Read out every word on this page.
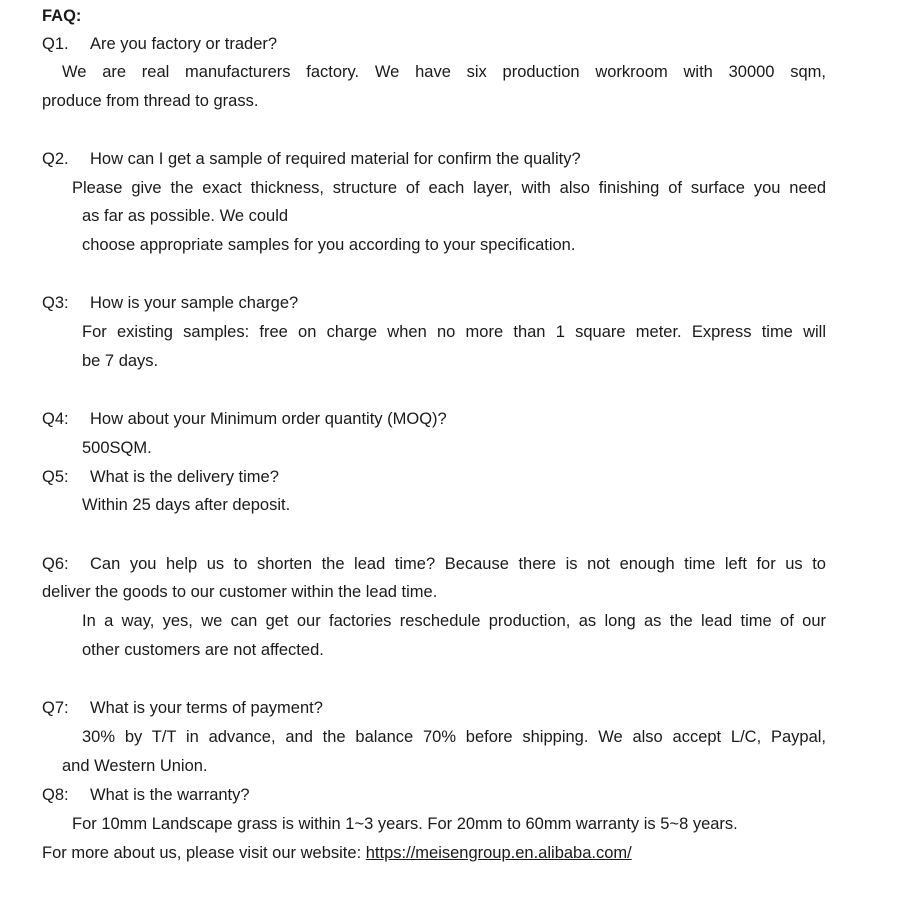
FAQ:
Q1. Are you factory or trader?
We are real manufacturers factory. We have six production workroom with 30000 sqm,
produce from thread to grass.
Q2. How can I get a sample of required material for confirm the quality?
Please give the exact thickness, structure of each layer, with also finishing of surface you need
as far as possible. We could
choose appropriate samples for you according to your specification.
Q3: How is your sample charge?
For existing samples: free on charge when no more than 1 square meter. Express time will
be 7 days.
Q4: How about your Minimum order quantity (MOQ)?
500SQM.
Q5: What is the delivery time?
Within 25 days after deposit.
Q6: Can you help us to shorten the lead time? Because there is not enough time left for us to
deliver the goods to our customer within the lead time.
In a way, yes, we can get our factories reschedule production, as long as the lead time of our
other customers are not affected.
Q7: What is your terms of payment?
30% by T/T in advance, and the balance 70% before shipping. We also accept L/C, Paypal,
and Western Union.
Q8: What is the warranty?
For 10mm Landscape grass is within 1~3 years. For 20mm to 60mm warranty is 5~8 years.
For more about us, please visit our website: https://meisengroup.en.alibaba.com/
